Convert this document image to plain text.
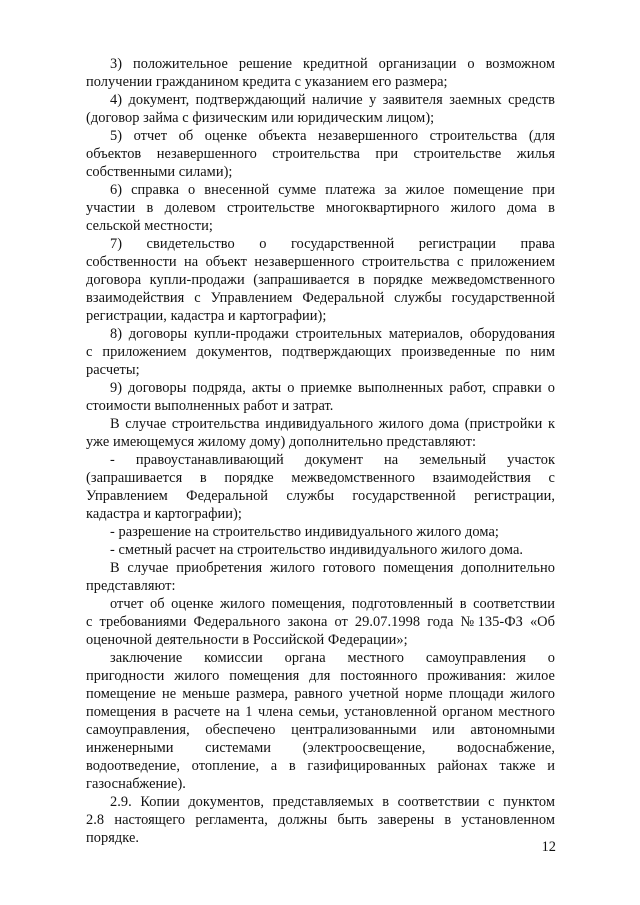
3) положительное решение кредитной организации о возможном
получении гражданином кредита с указанием его размера;
4) документ, подтверждающий наличие у заявителя заемных средств
(договор займа с физическим или юридическим лицом);
5) отчет об оценке объекта незавершенного строительства (для
объектов незавершенного строительства при строительстве жилья
собственными силами);
6) справка о внесенной сумме платежа за жилое помещение при
участии в долевом строительстве многоквартирного жилого дома в
сельской местности;
7) свидетельство о государственной регистрации права
собственности на объект незавершенного строительства с приложением
договора купли-продажи (запрашивается в порядке межведомственного
взаимодействия с Управлением Федеральной службы государственной
регистрации, кадастра и картографии);
8) договоры купли-продажи строительных материалов, оборудования
с приложением документов, подтверждающих произведенные по ним
расчеты;
9) договоры подряда, акты о приемке выполненных работ, справки о
стоимости выполненных работ и затрат.
В случае строительства индивидуального жилого дома (пристройки к
уже имеющемуся жилому дому) дополнительно представляют:
- правоустанавливающий документ на земельный участок
(запрашивается в порядке межведомственного взаимодействия с
Управлением Федеральной службы государственной регистрации,
кадастра и картографии);
- разрешение на строительство индивидуального жилого дома;
- сметный расчет на строительство индивидуального жилого дома.
В случае приобретения жилого готового помещения дополнительно
представляют:
отчет об оценке жилого помещения, подготовленный в соответствии
с требованиями Федерального закона от 29.07.1998 года №135-ФЗ «Об
оценочной деятельности в Российской Федерации»;
заключение комиссии органа местного самоуправления о
пригодности жилого помещения для постоянного проживания: жилое
помещение не меньше размера, равного учетной норме площади жилого
помещения в расчете на 1 члена семьи, установленной органом местного
самоуправления, обеспечено централизованными или автономными
инженерными системами (электроосвещение, водоснабжение,
водоотведение, отопление, а в газифицированных районах также и
газоснабжение).
2.9. Копии документов, представляемых в соответствии с пунктом
2.8 настоящего регламента, должны быть заверены в установленном
порядке.
12
